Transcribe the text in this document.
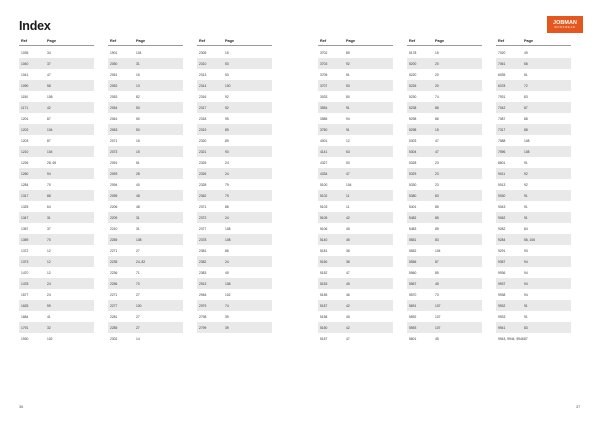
Index	JOBMAN
WORKWEAR
Ref	Page
1035	34
1040	37
1041	47
1090	58
1150	108
1171	42
1201	87
1202	104
1203	87
1210	104
1226	28, 69
1260	94
1284	70
1317	88
1325	64
1347	31
1357	37
1359	70
1372	12
1373	12
1470	12
1478	24
1577	24
1625	59
1684	41
1791	32
1930	102
Ref	Page
1901	104
2050	31
2051	15
2052	13
2053	82
2054	50
2061	50
2063	50
2071	15
2073	15
2091	51
2093	28
2094	40
2095	48
2206	48
2209	31
2210	31
2265	108
2271	27
2235	24, 82
2236	71
2256	70
2271	27
2277	100
2281	27
2285	27
2302	14
Ref	Page
2305	15
2310	53
2313	53
2314	100
2316	92
2317	52
2318	95
2319	89
2320	89
2321	93
2325	24
2326	24
2328	79
2362	79
2371	86
2372	24
2377	108
2378	108
2381	86
2382	24
2383	49
2913	108
2946	102
2979	74
2798	39
2799	39
Ref	Page
3702	89
3703	92
3705	51
3707	53
3033	80
3554	91
3585	94
3750	91
4001	12
4141	63
4327	53
4334	47
5100	104
5102	11
5103	11
5105	42
5106	45
5140	45
5181	36
5150	36
5152	47
5153	45
5155	46
5157	42
5158	45
5150	42
5157	47
Ref	Page
5178	15
5200	20
5220	20
5226	20
5230	74
5238	86
5298	86
5298	15
5303	47
5304	47
5328	23
5329	23
5330	23
5380	83
5401	85
5482	85
5483	85
5551	83
5552	104
5556	87
5560	85
5567	45
5570	73
5691	107
5592	107
5593	107
5601	45
Ref	Page
7020	49
7061	68
6035	51
6378	72
7931	83
7042	87
7087	88
7317	88
7588	108
7596	108
8601	91
9011	92
9013	92
9030	91
9043	91
9062	91
9282	84
9284	56, 106
9291	93
9357	94
9936	94
9937	94
9938	94
9932	91
9933	91
9941	83
9943, 9944, 9946 87
36	37
